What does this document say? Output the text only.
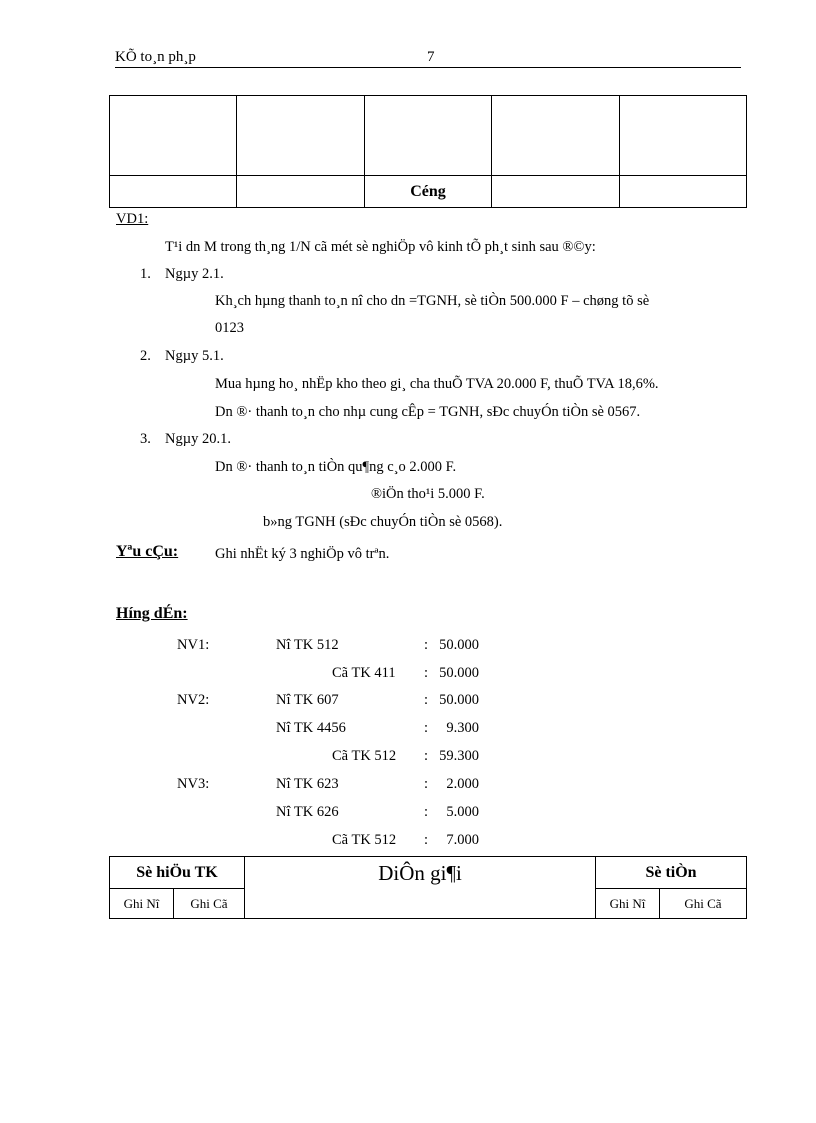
KÕ to¸n ph¸p	7

		Céng		
VD1:
T¹i dn M trong th¸ng 1/N cã mét sè nghiÖp vô kinh tÕ ph¸t sinh sau ®©y:
1. Ngµy 2.1.
Kh¸ch hµng thanh to¸n nî cho dn =TGNH, sè tiÒn 500.000 F – chøng tõ sè
0123
2. Ngµy 5.1.
Mua hµng ho¸ nhËp kho theo gi¸ cha thuÕ TVA 20.000 F, thuÕ TVA 18,6%.
Dn ®· thanh to¸n cho nhµ cung cÊp = TGNH, sÐc chuyÓn tiÒn sè 0567.
3. Ngµy 20.1.
Dn ®· thanh to¸n tiÒn qu¶ng c¸o 2.000 F.
®iÖn tho¹i 5.000 F.
b»ng TGNH (sÐc chuyÓn tiÒn sè 0568).
Yªu cÇu:	Ghi nhËt ký 3 nghiÖp vô trªn.
Híng dÉn:
NV1:	Nî TK 512	: 50.000
Cã TK 411 : 50.000
NV2:	Nî TK 607	: 50.000
Nî TK 4456	: 9.300
Cã TK 512 : 59.300
NV3:	Nî TK 623	: 2.000
Nî TK 626	: 5.000
Cã TK 512 : 7.000
Sè hiÖu TK		DiÔn gi¶i	Sè tiÒn	
Ghi Nî	Ghi Cã		Ghi Nî	Ghi Cã
